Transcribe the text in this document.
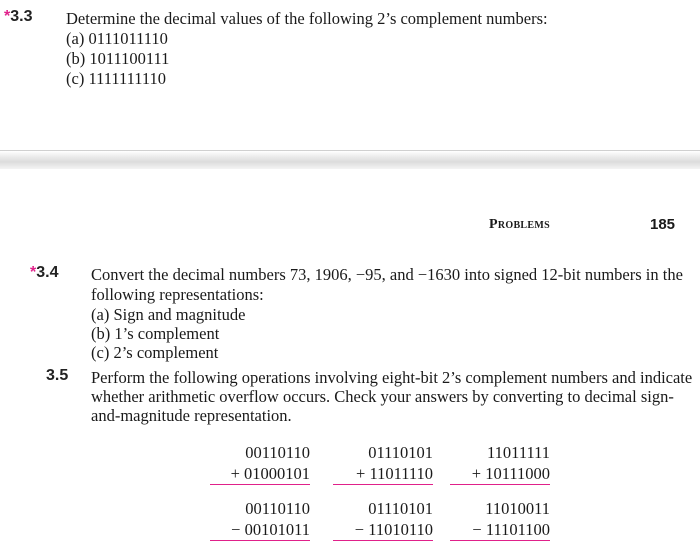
*3.3 Determine the decimal values of the following 2’s complement numbers:
(a) 0111011110
(b) 1011100111
(c) 1111111110
Problems	185
*3.4 Convert the decimal numbers 73, 1906, −95, and −1630 into signed 12-bit numbers in the
following representations:
(a) Sign and magnitude
(b) 1’s complement
(c) 2’s complement
3.5 Perform the following operations involving eight-bit 2’s complement numbers and indicate
whether arithmetic overflow occurs. Check your answers by converting to decimal sign-
and-magnitude representation.
00110110
+ 01000101
01110101
+ 11011110
11011111
+ 10111000
00110110
− 00101011
01110101
− 11010110
11010011
− 11101100
